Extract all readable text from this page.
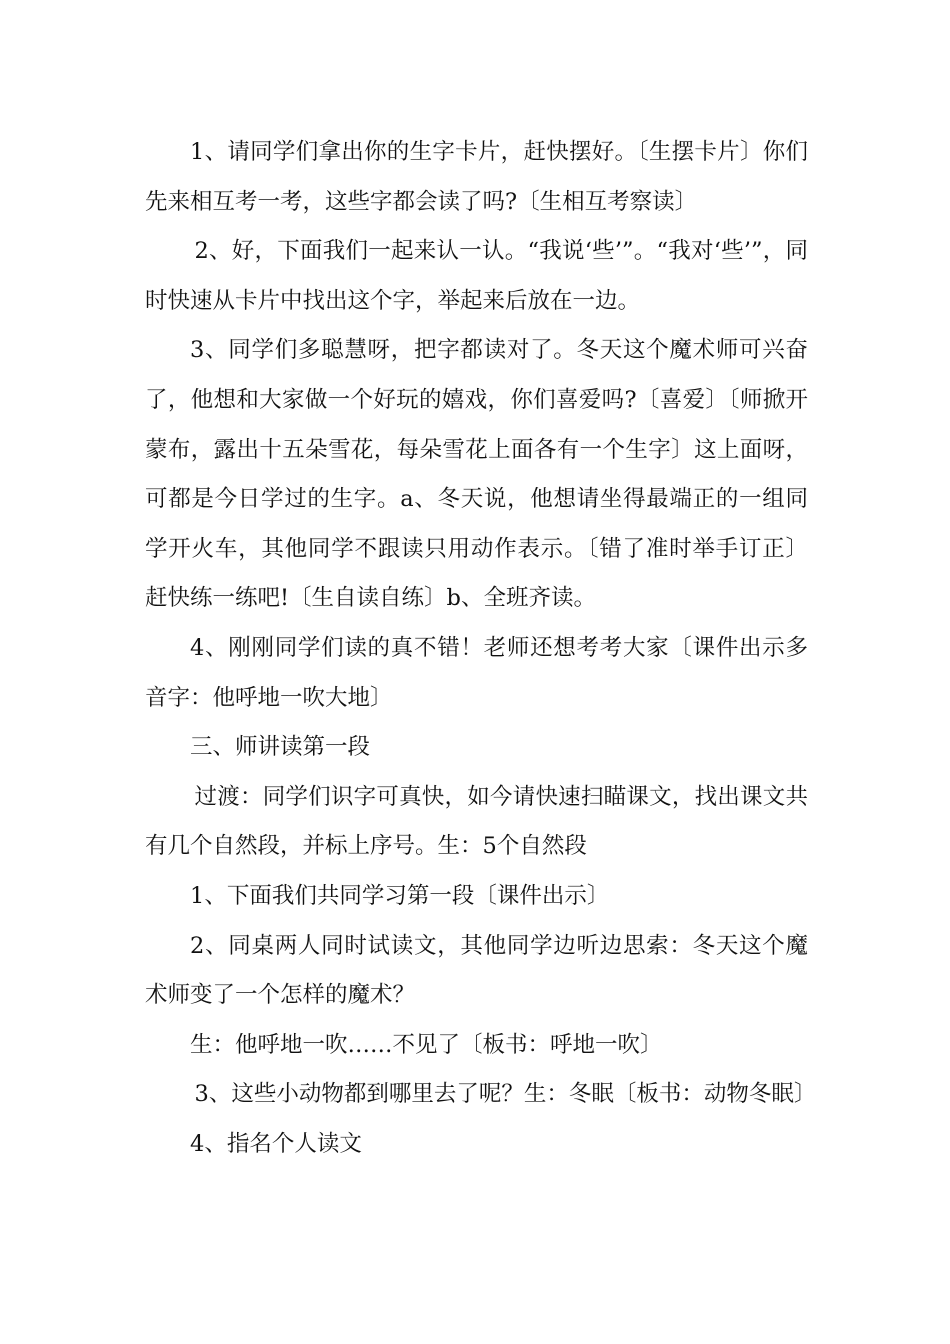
1、请同学们拿出你的生字卡片，赶快摆好。〔生摆卡片〕你们先来相互考一考，这些字都会读了吗?〔生相互考察读〕

2、好，下面我们一起来认一认。“我说‘些’”。“我对‘些’”，同时快速从卡片中找出这个字，举起来后放在一边。

3、同学们多聪慧呀，把字都读对了。冬天这个魔术师可兴奋了，他想和大家做一个好玩的嬉戏，你们喜爱吗?〔喜爱〕〔师掀开蒙布，露出十五朵雪花，每朵雪花上面各有一个生字〕这上面呀，可都是今日学过的生字。a、冬天说，他想请坐得最端正的一组同学开火车，其他同学不跟读只用动作表示。〔错了准时举手订正〕赶快练一练吧!〔生自读自练〕b、全班齐读。

4、刚刚同学们读的真不错！老师还想考考大家〔课件出示多音字：他呼地一吹大地〕

三、师讲读第一段

过渡：同学们识字可真快，如今请快速扫瞄课文，找出课文共有几个自然段，并标上序号。生：5个自然段

1、下面我们共同学习第一段〔课件出示〕

2、同桌两人同时试读文，其他同学边听边思索：冬天这个魔术师变了一个怎样的魔术？

生：他呼地一吹……不见了〔板书：呼地一吹〕

3、这些小动物都到哪里去了呢？生：冬眠〔板书：动物冬眠〕

4、指名个人读文
